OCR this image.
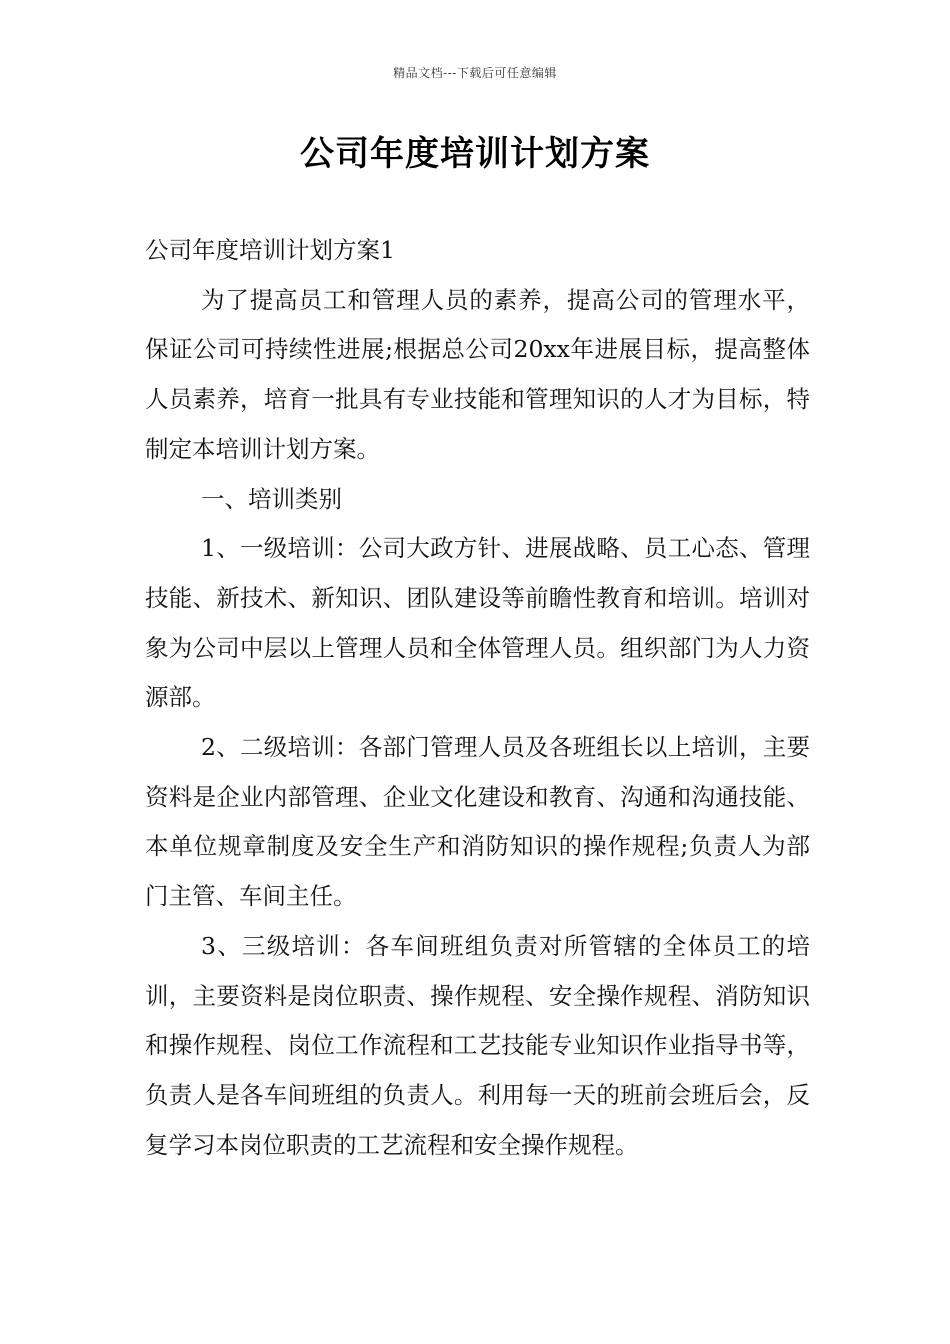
精品文档---下载后可任意编辑
公司年度培训计划方案

公司年度培训计划方案1

为了提高员工和管理人员的素养，提高公司的管理水平，保证公司可持续性进展;根据总公司20xx年进展目标，提高整体人员素养，培育一批具有专业技能和管理知识的人才为目标，特制定本培训计划方案。

一、培训类别

1、一级培训：公司大政方针、进展战略、员工心态、管理技能、新技术、新知识、团队建设等前瞻性教育和培训。培训对象为公司中层以上管理人员和全体管理人员。组织部门为人力资源部。

2、二级培训：各部门管理人员及各班组长以上培训，主要资料是企业内部管理、企业文化建设和教育、沟通和沟通技能、本单位规章制度及安全生产和消防知识的操作规程;负责人为部门主管、车间主任。

3、三级培训：各车间班组负责对所管辖的全体员工的培训，主要资料是岗位职责、操作规程、安全操作规程、消防知识和操作规程、岗位工作流程和工艺技能专业知识作业指导书等，负责人是各车间班组的负责人。利用每一天的班前会班后会，反复学习本岗位职责的工艺流程和安全操作规程。
